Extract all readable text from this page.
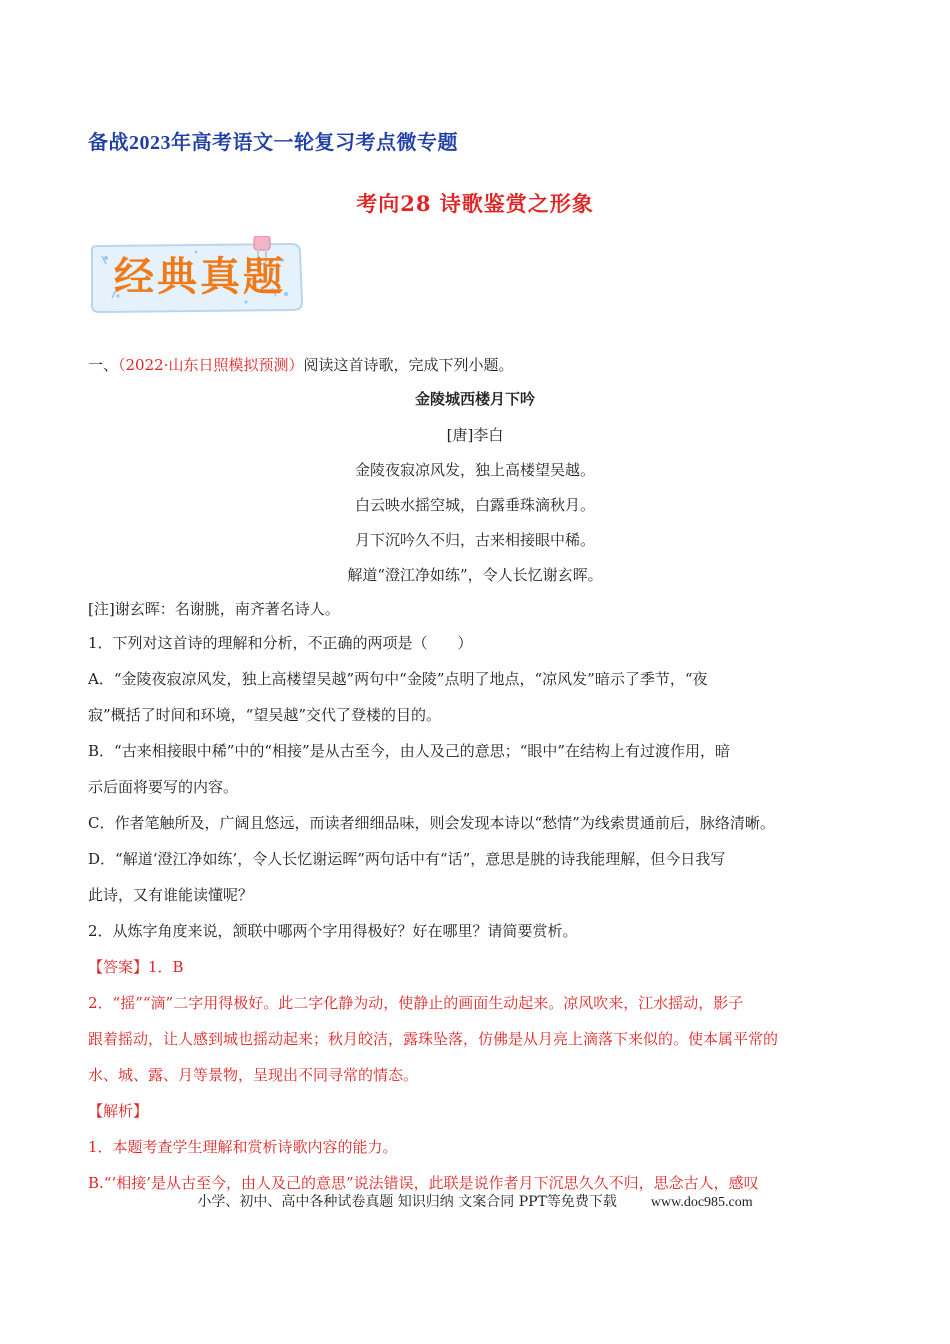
备战2023年高考语文一轮复习考点微专题
考向28 诗歌鉴赏之形象
经典真题
一、（2022·山东日照模拟预测）阅读这首诗歌，完成下列小题。
金陵城西楼月下吟
[唐]李白
金陵夜寂凉风发，独上高楼望吴越。
白云映水摇空城，白露垂珠滴秋月。
月下沉吟久不归，古来相接眼中稀。
解道“澄江净如练”，令人长忆谢玄晖。
[注]谢玄晖：名谢朓，南齐著名诗人。
1．下列对这首诗的理解和分析，不正确的两项是（　　）
A．“金陵夜寂凉风发，独上高楼望吴越”两句中“金陵”点明了地点，“凉风发”暗示了季节，“夜
寂”概括了时间和环境，“望吴越”交代了登楼的目的。
B．“古来相接眼中稀”中的“相接”是从古至今，由人及己的意思；“眼中”在结构上有过渡作用，暗
示后面将要写的内容。
C．作者笔触所及，广阔且悠远，而读者细细品味，则会发现本诗以“愁情”为线索贯通前后，脉络清晰。
D．“解道‘澄江净如练’，令人长忆谢运晖”两句话中有“话”，意思是朓的诗我能理解，但今日我写
此诗，又有谁能读懂呢？
2．从炼字角度来说，颔联中哪两个字用得极好？好在哪里？请简要赏析。
【答案】1．B
2．“摇”“滴”二字用得极好。此二字化静为动，使静止的画面生动起来。凉风吹来，江水摇动，影子
跟着摇动，让人感到城也摇动起来；秋月皎洁，露珠坠落，仿佛是从月亮上滴落下来似的。使本属平常的
水、城、露、月等景物，呈现出不同寻常的情态。
【解析】
1．本题考查学生理解和赏析诗歌内容的能力。
B.“‘相接’是从古至今，由人及己的意思”说法错误，此联是说作者月下沉思久久不归，思念古人，感叹
小学、初中、高中各种试卷真题 知识归纳 文案合同 PPT等免费下载 www.doc985.com
